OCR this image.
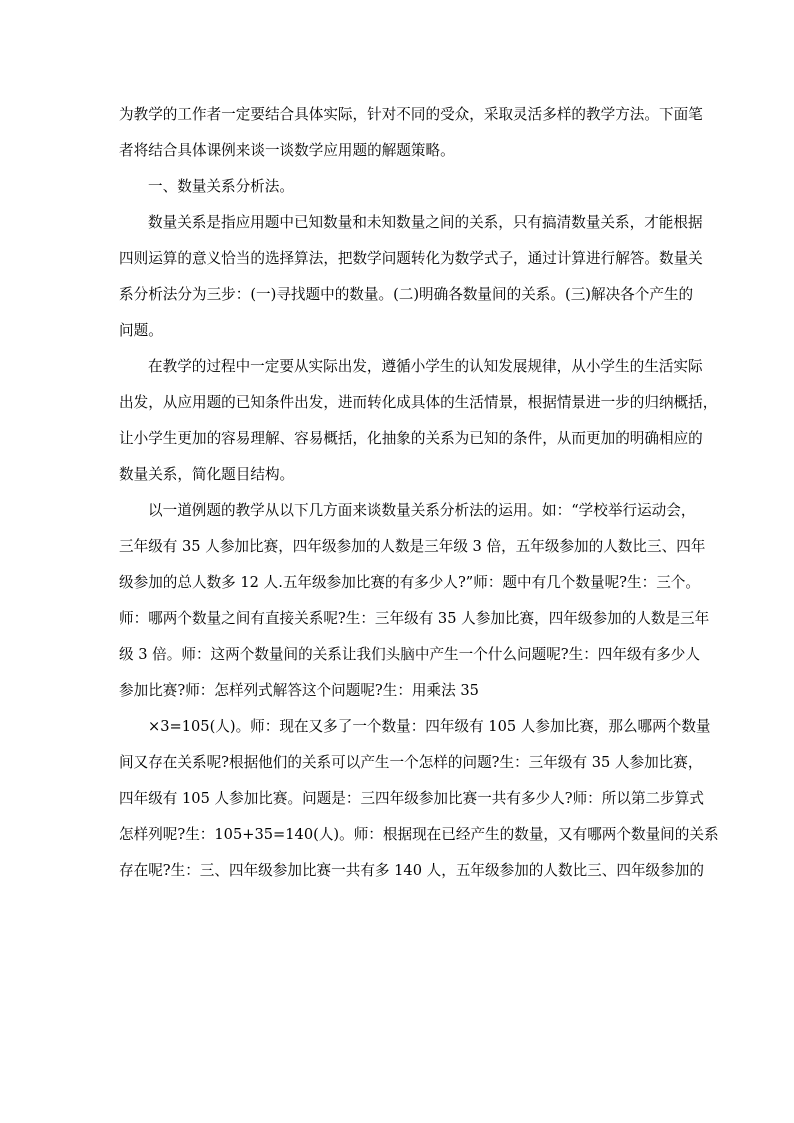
为教学的工作者一定要结合具体实际，针对不同的受众，采取灵活多样的教学方法。下面笔
者将结合具体课例来谈一谈数学应用题的解题策略。
一、数量关系分析法。
数量关系是指应用题中已知数量和未知数量之间的关系，只有搞清数量关系，才能根据
四则运算的意义恰当的选择算法，把数学问题转化为数学式子，通过计算进行解答。数量关
系分析法分为三步：(一)寻找题中的数量。(二)明确各数量间的关系。(三)解决各个产生的
问题。
在教学的过程中一定要从实际出发，遵循小学生的认知发展规律，从小学生的生活实际
出发，从应用题的已知条件出发，进而转化成具体的生活情景，根据情景进一步的归纳概括，
让小学生更加的容易理解、容易概括，化抽象的关系为已知的条件，从而更加的明确相应的
数量关系，简化题目结构。
以一道例题的教学从以下几方面来谈数量关系分析法的运用。如：“学校举行运动会，
三年级有 35 人参加比赛，四年级参加的人数是三年级 3 倍，五年级参加的人数比三、四年
级参加的总人数多 12 人.五年级参加比赛的有多少人?”师：题中有几个数量呢?生：三个。
师：哪两个数量之间有直接关系呢?生：三年级有 35 人参加比赛，四年级参加的人数是三年
级 3 倍。师：这两个数量间的关系让我们头脑中产生一个什么问题呢?生：四年级有多少人
参加比赛?师：怎样列式解答这个问题呢?生：用乘法 35
×3=105(人)。师：现在又多了一个数量：四年级有 105 人参加比赛，那么哪两个数量
间又存在关系呢?根据他们的关系可以产生一个怎样的问题?生：三年级有 35 人参加比赛，
四年级有 105 人参加比赛。问题是：三四年级参加比赛一共有多少人?师：所以第二步算式
怎样列呢?生：105+35=140(人)。师：根据现在已经产生的数量，又有哪两个数量间的关系
存在呢?生：三、四年级参加比赛一共有多 140 人，五年级参加的人数比三、四年级参加的
